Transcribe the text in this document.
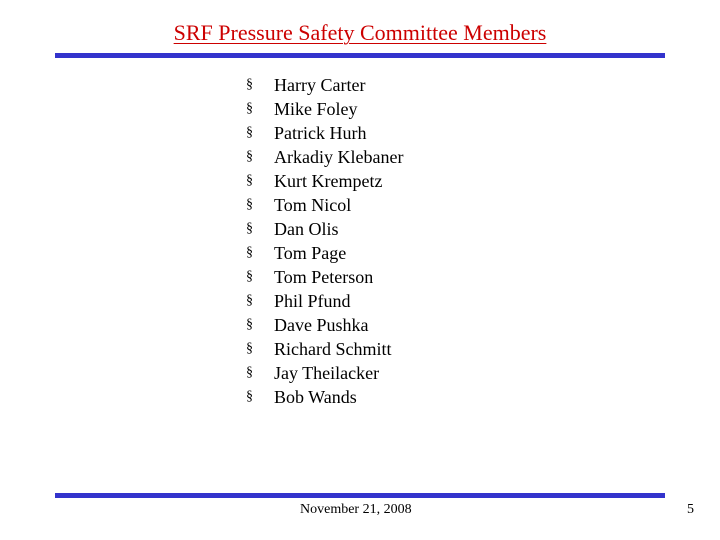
SRF Pressure Safety Committee Members
§ Harry Carter
§ Mike Foley
§ Patrick Hurh
§ Arkadiy Klebaner
§ Kurt Krempetz
§ Tom Nicol
§ Dan Olis
§ Tom Page
§ Tom Peterson
§ Phil Pfund
§ Dave Pushka
§ Richard Schmitt
§ Jay Theilacker
§ Bob Wands
November 21, 2008	5
